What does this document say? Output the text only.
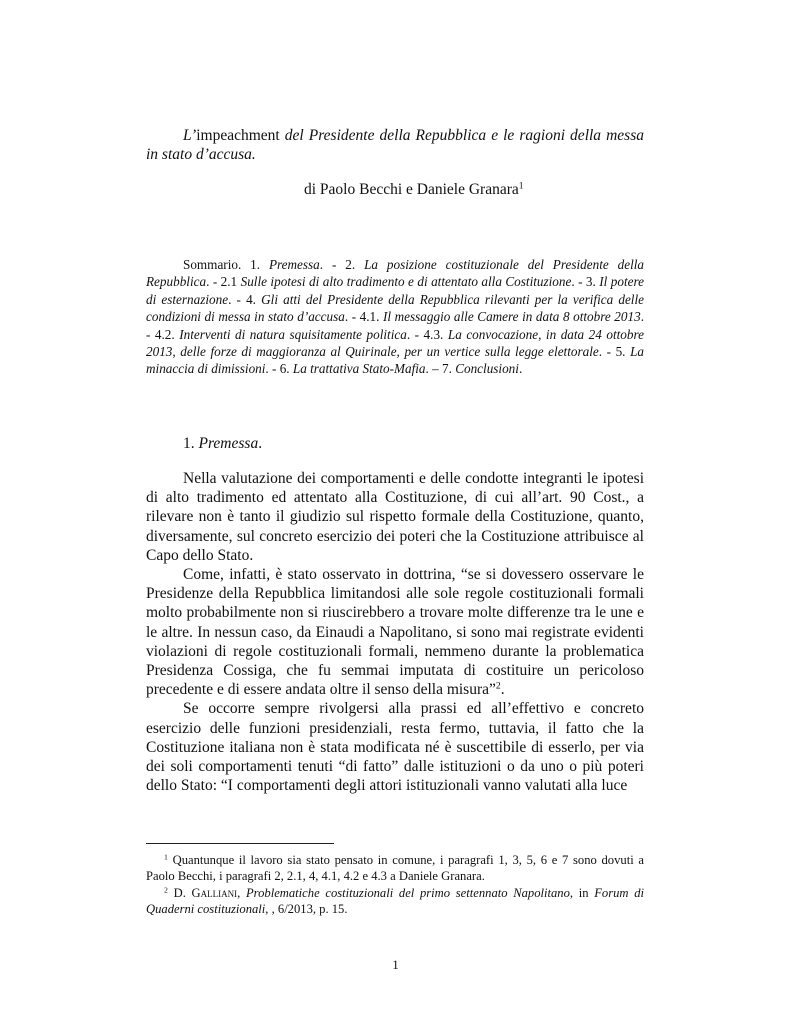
L’impeachment del Presidente della Repubblica e le ragioni della messa in stato d’accusa.
di Paolo Becchi e Daniele Granara$^1$
Sommario. 1. Premessa. - 2. La posizione costituzionale del Presidente della Repubblica. - 2.1 Sulle ipotesi di alto tradimento e di attentato alla Costituzione. - 3. Il potere di esternazione. - 4. Gli atti del Presidente della Repubblica rilevanti per la verifica delle condizioni di messa in stato d’accusa. - 4.1. Il messaggio alle Camere in data 8 ottobre 2013. - 4.2. Interventi di natura squisitamente politica. - 4.3. La convocazione, in data 24 ottobre 2013, delle forze di maggioranza al Quirinale, per un vertice sulla legge elettorale. - 5. La minaccia di dimissioni. - 6. La trattativa Stato-Mafia. – 7. Conclusioni.
1. Premessa.

Nella valutazione dei comportamenti e delle condotte integranti le ipotesi di alto tradimento ed attentato alla Costituzione, di cui all’art. 90 Cost., a rilevare non è tanto il giudizio sul rispetto formale della Costituzione, quanto, diversamente, sul concreto esercizio dei poteri che la Costituzione attribuisce al Capo dello Stato.

Come, infatti, è stato osservato in dottrina, “se si dovessero osservare le Presidenze della Repubblica limitandosi alle sole regole costituzionali formali molto probabilmente non si riuscirebbero a trovare molte differenze tra le une e le altre. In nessun caso, da Einaudi a Napolitano, si sono mai registrate evidenti violazioni di regole costituzionali formali, nemmeno durante la problematica Presidenza Cossiga, che fu semmai imputata di costituire un pericoloso precedente e di essere andata oltre il senso della misura”$^2$.

Se occorre sempre rivolgersi alla prassi ed all’effettivo e concreto esercizio delle funzioni presidenziali, resta fermo, tuttavia, il fatto che la Costituzione italiana non è stata modificata né è suscettibile di esserlo, per via dei soli comportamenti tenuti “di fatto” dalle istituzioni o da uno o più poteri dello Stato: “I comportamenti degli attori istituzionali vanno valutati alla luce

$^1$ Quantunque il lavoro sia stato pensato in comune, i paragrafi 1, 3, 5, 6 e 7 sono dovuti a Paolo Becchi, i paragrafi 2, 2.1, 4, 4.1, 4.2 e 4.3 a Daniele Granara.

$^2$ D. Galliani, Problematiche costituzionali del primo settennato Napolitano, in Forum di Quaderni costituzionali, , 6/2013, p. 15.

1
